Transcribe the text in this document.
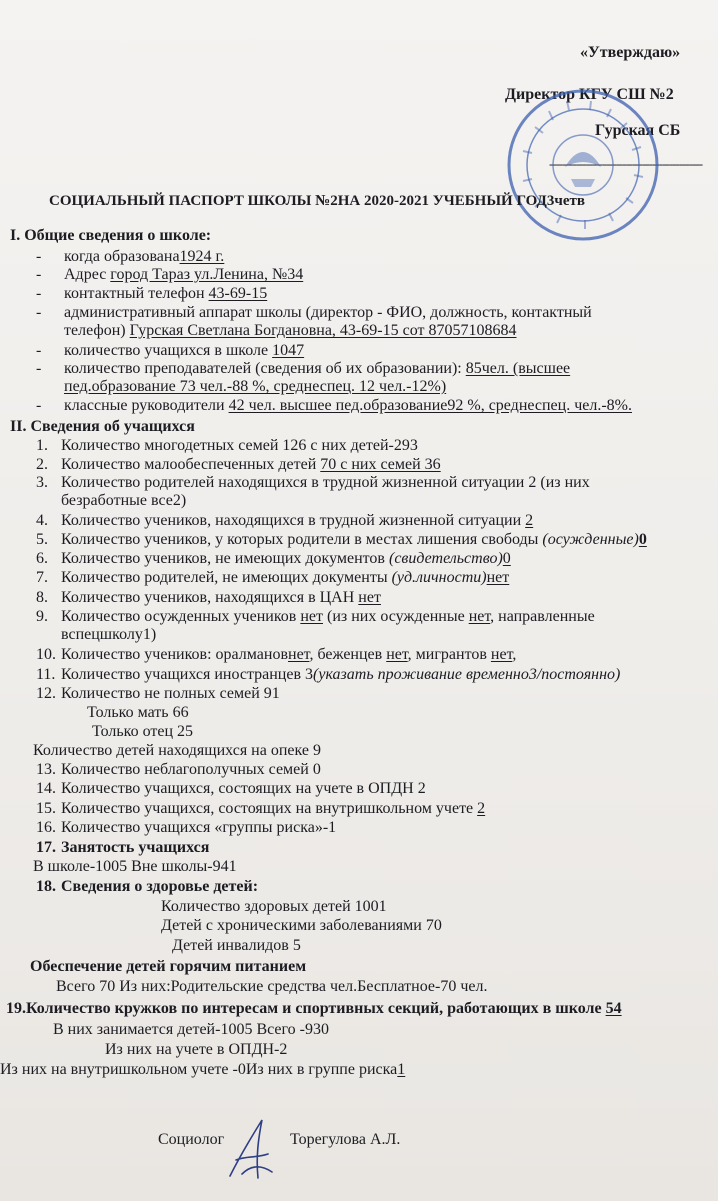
«Утверждаю»
Директор КГУ СШ №2
Гурская СБ
----------------------------------------------
СОЦИАЛЬНЫЙ ПАСПОРТ ШКОЛЫ №2НА 2020-2021 УЧЕБНЫЙ ГОД3четв
I. Общие сведения о школе:
- когда образована1924 г.
- Адрес город Тараз ул.Ленина, №34
- контактный телефон 43-69-15
- административный аппарат школы (директор - ФИО, должность, контактный
телефон) Гурская Светлана Богдановна, 43-69-15 сот 87057108684
- количество учащихся в школе 1047
- количество преподавателей (сведения об их образовании): 85чел. (высшее
пед.образование 73 чел.-88 %, среднеспец. 12 чел.-12%)
- классные руководители 42 чел. высшее пед.образование92 %, среднеспец. чел.-8%.
II. Сведения об учащихся
1. Количество многодетных семей 126 с них детей-293
2. Количество малообеспеченных детей 70 с них семей 36
3. Количество родителей находящихся в трудной жизненной ситуации 2 (из них
безработные все2)
4. Количество учеников, находящихся в трудной жизненной ситуации 2
5. Количество учеников, у которых родители в местах лишения свободы (осужденные)0
6. Количество учеников, не имеющих документов (свидетельство)0
7. Количество родителей, не имеющих документы (уд.личности)нет
8. Количество учеников, находящихся в ЦАН нет
9. Количество осужденных учеников нет (из них осужденные нет, направленные
вспецшколу1)
10. Количество учеников: оралмановнет, беженцев нет, мигрантов нет,
11. Количество учащихся иностранцев 3(указать проживание временно3/постоянно)
12. Количество не полных семей 91
Только мать 66
Только отец 25
Количество детей находящихся на опеке 9
13. Количество неблагополучных семей 0
14. Количество учащихся, состоящих на учете в ОПДН 2
15. Количество учащихся, состоящих на внутришкольном учете 2
16. Количество учащихся «группы риска»-1
17. Занятость учащихся
В школе-1005 Вне школы-941
18. Сведения о здоровье детей:
Количество здоровых детей 1001
Детей с хроническими заболеваниями 70
Детей инвалидов 5
Обеспечение детей горячим питанием
Всего 70 Из них:Родительские средства чел.Бесплатное-70 чел.
19.Количество кружков по интересам и спортивных секций, работающих в школе 54
В них занимается детей-1005 Всего -930
Из них на учете в ОПДН-2
Из них на внутришкольном учете -0Из них в группе риска1
Социолог	Торегулова А.Л.
